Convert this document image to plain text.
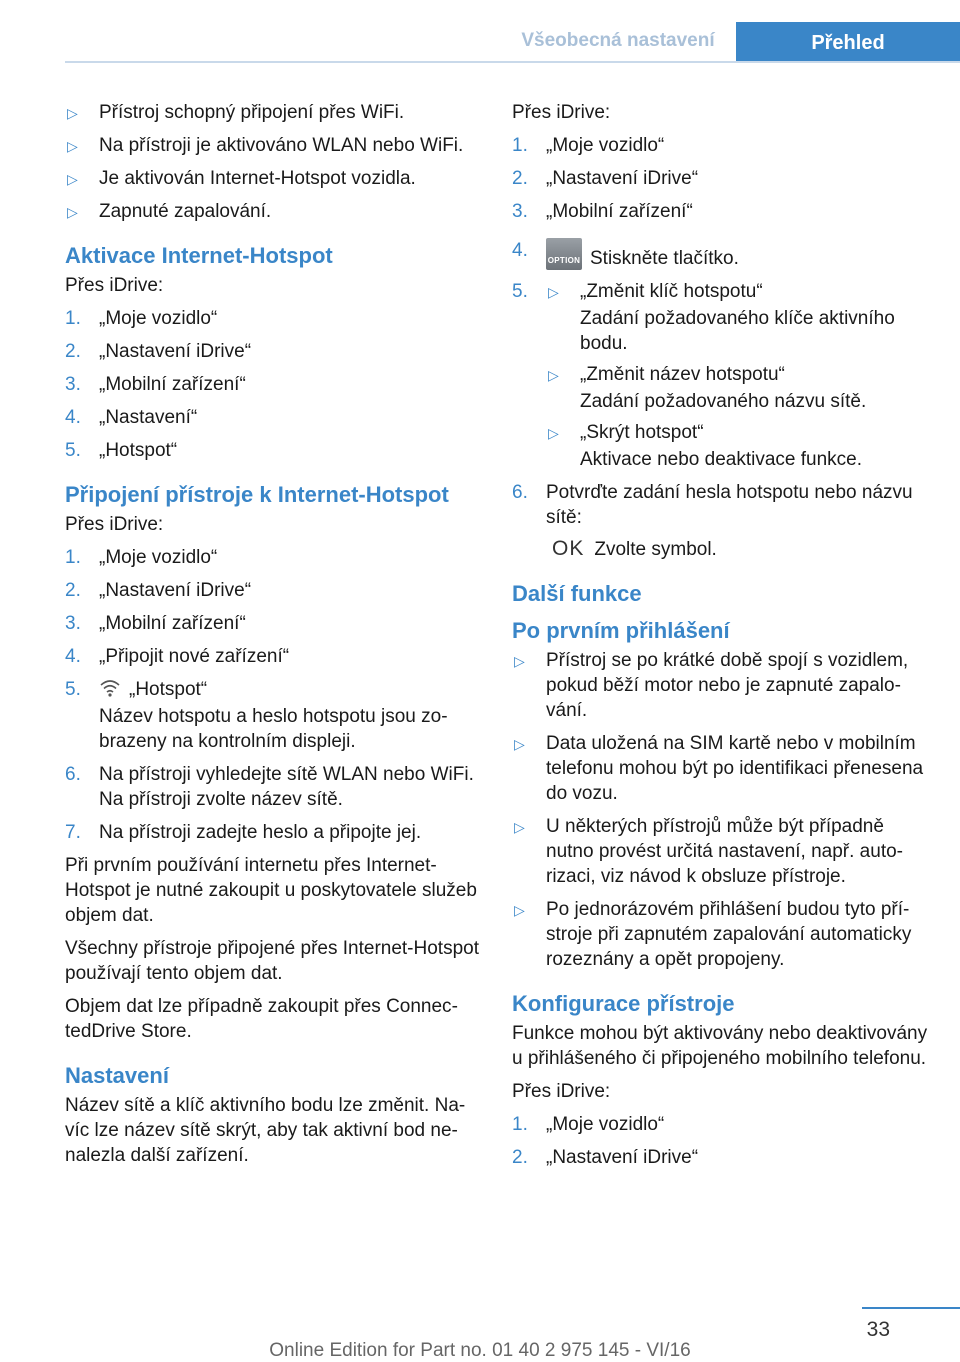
Všeobecná nastavení	Přehled
▷ Přístroj schopný připojení přes WiFi.
▷ Na přístroji je aktivováno WLAN nebo WiFi.
▷ Je aktivován Internet-Hotspot vozidla.
▷ Zapnuté zapalování.
Aktivace Internet-Hotspot
Přes iDrive:
1. „Moje vozidlo“
2. „Nastavení iDrive“
3. „Mobilní zařízení“
4. „Nastavení“
5. „Hotspot“
Připojení přístroje k Internet-Hotspot
Přes iDrive:
1. „Moje vozidlo“
2. „Nastavení iDrive“
3. „Mobilní zařízení“
4. „Připojit nové zařízení“
5.	„Hotspot“
Název hotspotu a heslo hotspotu jsou zobrazeny na kontrolním displeji.
6. Na přístroji vyhledejte sítě WLAN nebo WiFi. Na přístroji zvolte název sítě.
7. Na přístroji zadejte heslo a připojte jej.
Při prvním používání internetu přes Internet-Hotspot je nutné zakoupit u poskytovatele služeb objem dat.
Všechny přístroje připojené přes Internet-Hotspot používají tento objem dat.
Objem dat lze případně zakoupit přes ConnectedDrive Store.
Nastavení
Název sítě a klíč aktivního bodu lze změnit. Navíc lze název sítě skrýt, aby tak aktivní bod nenalezla další zařízení.
Přes iDrive:
1. „Moje vozidlo“
2. „Nastavení iDrive“
3. „Mobilní zařízení“
4. OPTION Stiskněte tlačítko.
5. ▷ „Změnit klíč hotspotu“
Zadání požadovaného klíče aktivního bodu.
▷ „Změnit název hotspotu“
Zadání požadovaného názvu sítě.
▷ „Skrýt hotspot“
Aktivace nebo deaktivace funkce.
6. Potvrďte zadání hesla hotspotu nebo názvu sítě:
OK Zvolte symbol.
Další funkce
Po prvním přihlášení
▷ Přístroj se po krátké době spojí s vozidlem, pokud běží motor nebo je zapnuté zapalování.
▷ Data uložená na SIM kartě nebo v mobilním telefonu mohou být po identifikaci přenesena do vozu.
▷ U některých přístrojů může být případně nutno provést určitá nastavení, např. autorizaci, viz návod k obsluze přístroje.
▷ Po jednorázovém přihlášení budou tyto přístroje při zapnutém zapalování automaticky rozeznány a opět propojeny.
Konfigurace přístroje
Funkce mohou být aktivovány nebo deaktivovány u přihlášeného či připojeného mobilního telefonu.
Přes iDrive:
1. „Moje vozidlo“
2. „Nastavení iDrive“
33
Online Edition for Part no. 01 40 2 975 145 - VI/16
